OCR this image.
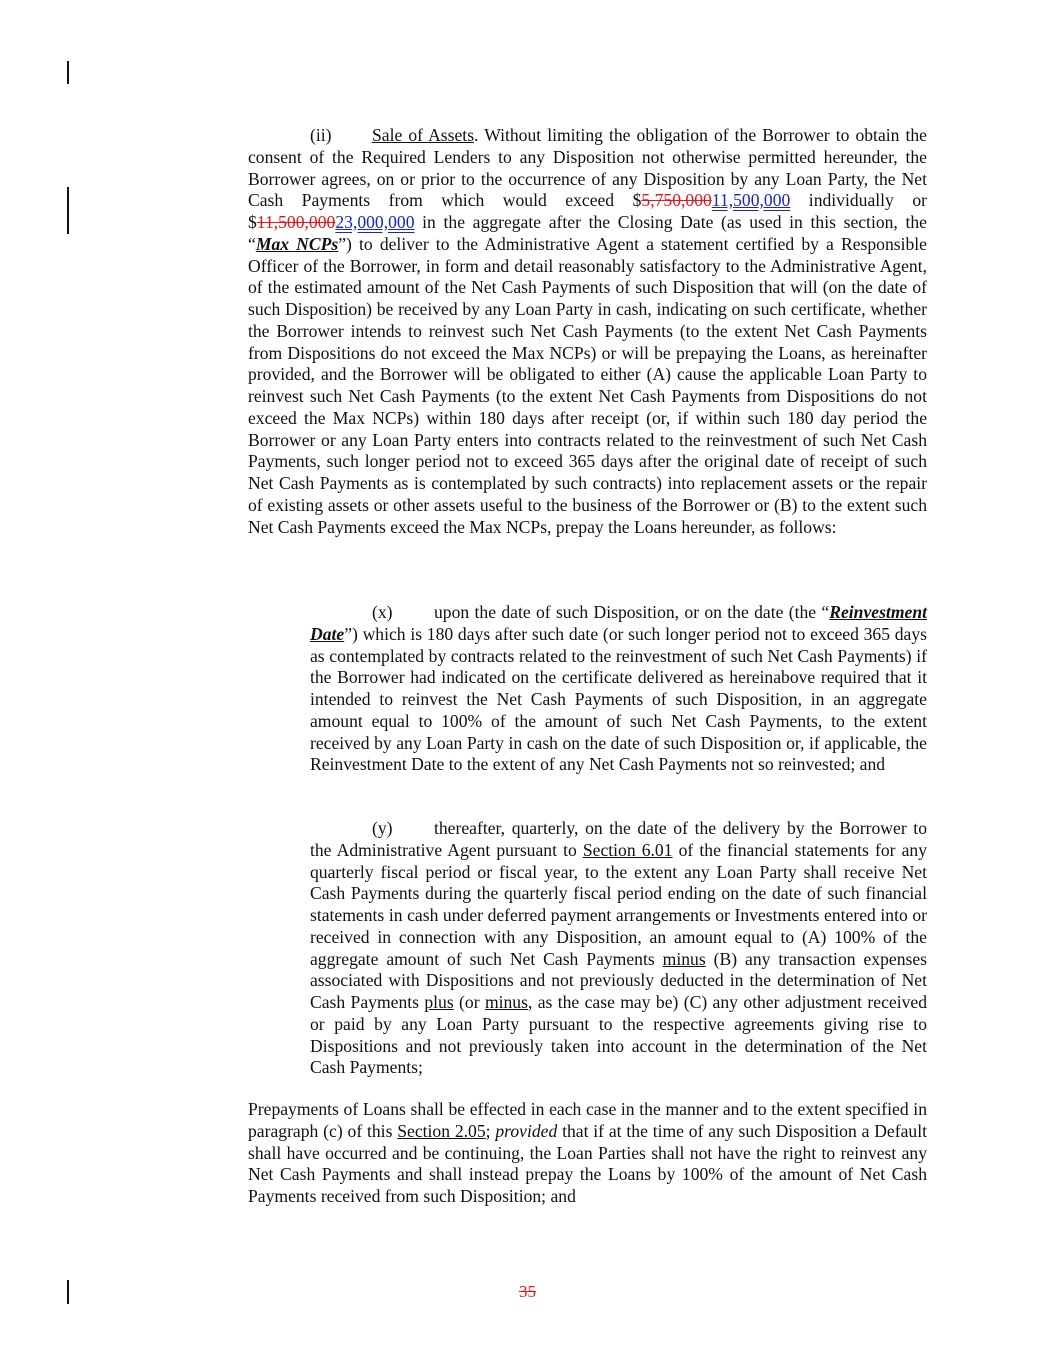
(ii) Sale of Assets. Without limiting the obligation of the Borrower to obtain the consent of the Required Lenders to any Disposition not otherwise permitted hereunder, the Borrower agrees, on or prior to the occurrence of any Disposition by any Loan Party, the Net Cash Payments from which would exceed $5,750,00011,500,000 individually or $11,500,00023,000,000 in the aggregate after the Closing Date (as used in this section, the “Max NCPs”) to deliver to the Administrative Agent a statement certified by a Responsible Officer of the Borrower, in form and detail reasonably satisfactory to the Administrative Agent, of the estimated amount of the Net Cash Payments of such Disposition that will (on the date of such Disposition) be received by any Loan Party in cash, indicating on such certificate, whether the Borrower intends to reinvest such Net Cash Payments (to the extent Net Cash Payments from Dispositions do not exceed the Max NCPs) or will be prepaying the Loans, as hereinafter provided, and the Borrower will be obligated to either (A) cause the applicable Loan Party to reinvest such Net Cash Payments (to the extent Net Cash Payments from Dispositions do not exceed the Max NCPs) within 180 days after receipt (or, if within such 180 day period the Borrower or any Loan Party enters into contracts related to the reinvestment of such Net Cash Payments, such longer period not to exceed 365 days after the original date of receipt of such Net Cash Payments as is contemplated by such contracts) into replacement assets or the repair of existing assets or other assets useful to the business of the Borrower or (B) to the extent such Net Cash Payments exceed the Max NCPs, prepay the Loans hereunder, as follows:

(x) upon the date of such Disposition, or on the date (the “Reinvestment Date”) which is 180 days after such date (or such longer period not to exceed 365 days as contemplated by contracts related to the reinvestment of such Net Cash Payments) if the Borrower had indicated on the certificate delivered as hereinabove required that it intended to reinvest the Net Cash Payments of such Disposition, in an aggregate amount equal to 100% of the amount of such Net Cash Payments, to the extent received by any Loan Party in cash on the date of such Disposition or, if applicable, the Reinvestment Date to the extent of any Net Cash Payments not so reinvested; and

(y) thereafter, quarterly, on the date of the delivery by the Borrower to the Administrative Agent pursuant to Section 6.01 of the financial statements for any quarterly fiscal period or fiscal year, to the extent any Loan Party shall receive Net Cash Payments during the quarterly fiscal period ending on the date of such financial statements in cash under deferred payment arrangements or Investments entered into or received in connection with any Disposition, an amount equal to (A) 100% of the aggregate amount of such Net Cash Payments minus (B) any transaction expenses associated with Dispositions and not previously deducted in the determination of Net Cash Payments plus (or minus, as the case may be) (C) any other adjustment received or paid by any Loan Party pursuant to the respective agreements giving rise to Dispositions and not previously taken into account in the determination of the Net Cash Payments;

Prepayments of Loans shall be effected in each case in the manner and to the extent specified in paragraph (c) of this Section 2.05; provided that if at the time of any such Disposition a Default shall have occurred and be continuing, the Loan Parties shall not have the right to reinvest any Net Cash Payments and shall instead prepay the Loans by 100% of the amount of Net Cash Payments received from such Disposition; and

35
